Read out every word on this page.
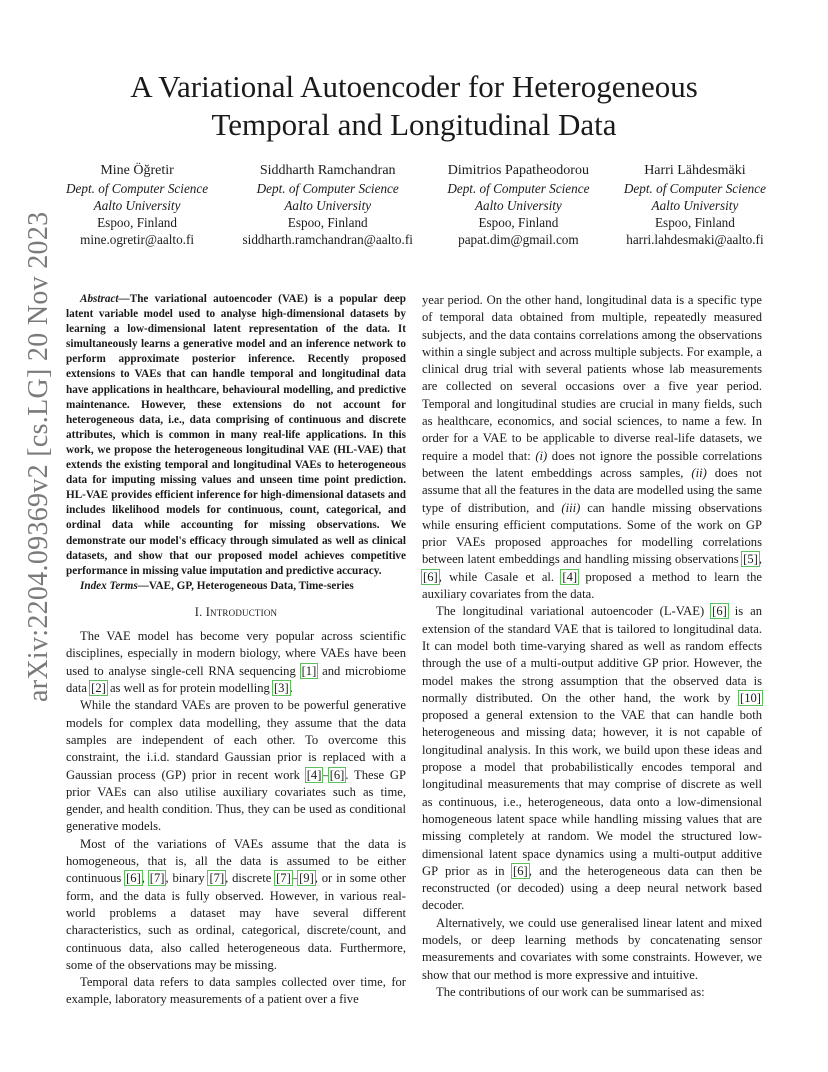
arXiv:2204.09369v2 [cs.LG] 20 Nov 2023
A Variational Autoencoder for Heterogeneous
Temporal and Longitudinal Data
Mine Öğretir
Dept. of Computer Science
Aalto University
Espoo, Finland
mine.ogretir@aalto.fi
Siddharth Ramchandran
Dept. of Computer Science
Aalto University
Espoo, Finland
siddharth.ramchandran@aalto.fi
Dimitrios Papatheodorou
Dept. of Computer Science
Aalto University
Espoo, Finland
papat.dim@gmail.com
Harri Lähdesmäki
Dept. of Computer Science
Aalto University
Espoo, Finland
harri.lahdesmaki@aalto.fi

Abstract—The variational autoencoder (VAE) is a popular deep latent variable model used to analyse high-dimensional datasets by learning a low-dimensional latent representation of the data. It simultaneously learns a generative model and an inference network to perform approximate posterior inference. Recently proposed extensions to VAEs that can handle temporal and longitudinal data have applications in healthcare, behavioural modelling, and predictive maintenance. However, these extensions do not account for heterogeneous data, i.e., data comprising of continuous and discrete attributes, which is common in many real-life applications. In this work, we propose the heterogeneous longitudinal VAE (HL-VAE) that extends the existing temporal and longitudinal VAEs to heterogeneous data for imputing missing values and unseen time point prediction. HL-VAE provides efficient inference for high-dimensional datasets and includes likelihood models for continuous, count, categorical, and ordinal data while accounting for missing observations. We demonstrate our model's efficacy through simulated as well as clinical datasets, and show that our proposed model achieves competitive performance in missing value imputation and predictive accuracy.

Index Terms—VAE, GP, Heterogeneous Data, Time-series

I. Introduction

The VAE model has become very popular across scientific disciplines, especially in modern biology, where VAEs have been used to analyse single-cell RNA sequencing [1] and microbiome data [2] as well as for protein modelling [3].

While the standard VAEs are proven to be powerful generative models for complex data modelling, they assume that the data samples are independent of each other. To overcome this constraint, the i.i.d. standard Gaussian prior is replaced with a Gaussian process (GP) prior in recent work [4]–[6]. These GP prior VAEs can also utilise auxiliary covariates such as time, gender, and health condition. Thus, they can be used as conditional generative models.

Most of the variations of VAEs assume that the data is homogeneous, that is, all the data is assumed to be either continuous [6], [7], binary [7], discrete [7]–[9], or in some other form, and the data is fully observed. However, in various real-world problems a dataset may have several different characteristics, such as ordinal, categorical, discrete/count, and continuous data, also called heterogeneous data. Furthermore, some of the observations may be missing.

Temporal data refers to data samples collected over time, for example, laboratory measurements of a patient over a five

year period. On the other hand, longitudinal data is a specific type of temporal data obtained from multiple, repeatedly measured subjects, and the data contains correlations among the observations within a single subject and across multiple subjects. For example, a clinical drug trial with several patients whose lab measurements are collected on several occasions over a five year period. Temporal and longitudinal studies are crucial in many fields, such as healthcare, economics, and social sciences, to name a few. In order for a VAE to be applicable to diverse real-life datasets, we require a model that: (i) does not ignore the possible correlations between the latent embeddings across samples, (ii) does not assume that all the features in the data are modelled using the same type of distribution, and (iii) can handle missing observations while ensuring efficient computations. Some of the work on GP prior VAEs proposed approaches for modelling correlations between latent embeddings and handling missing observations [5], [6], while Casale et al. [4] proposed a method to learn the auxiliary covariates from the data.

The longitudinal variational autoencoder (L-VAE) [6] is an extension of the standard VAE that is tailored to longitudinal data. It can model both time-varying shared as well as random effects through the use of a multi-output additive GP prior. However, the model makes the strong assumption that the observed data is normally distributed. On the other hand, the work by [10] proposed a general extension to the VAE that can handle both heterogeneous and missing data; however, it is not capable of longitudinal analysis. In this work, we build upon these ideas and propose a model that probabilistically encodes temporal and longitudinal measurements that may comprise of discrete as well as continuous, i.e., heterogeneous, data onto a low-dimensional homogeneous latent space while handling missing values that are missing completely at random. We model the structured low-dimensional latent space dynamics using a multi-output additive GP prior as in [6], and the heterogeneous data can then be reconstructed (or decoded) using a deep neural network based decoder.

Alternatively, we could use generalised linear latent and mixed models, or deep learning methods by concatenating sensor measurements and covariates with some constraints. However, we show that our method is more expressive and intuitive.

The contributions of our work can be summarised as:
